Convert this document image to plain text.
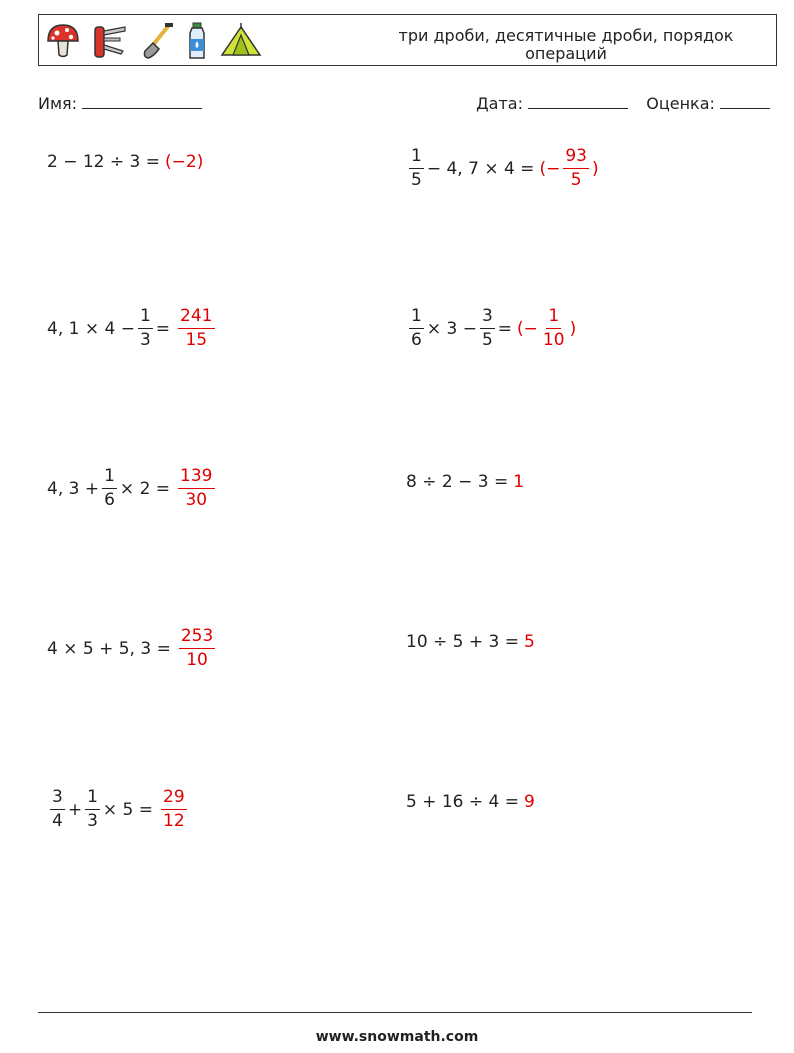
три дроби, десятичные дроби, порядок операций
Имя:	Дата:	Оценка:
2 − 12 ÷ 3 = (−2)	$\frac{1}{5} - 4$, 7 × 4 = (− $\frac{93}{5}$ )
4, $1 \times 4 - \frac{1}{3} = \frac{241}{15}$	$\frac{1}{6} \times 3 - \frac{3}{5}$ = (− $\frac{1}{10}$ )
4, $3 + \frac{1}{6} \times 2 = \frac{139}{30}$	8 ÷ 2 − 3 = 1
4 × 5 + 5, $3 = \frac{253}{10}$	10 ÷ 5 + 3 = 5
$\frac{3}{4} + \frac{1}{3} \times 5 = \frac{29}{12}$	5 + 16 ÷ 4 = 9
www.snowmath.com
